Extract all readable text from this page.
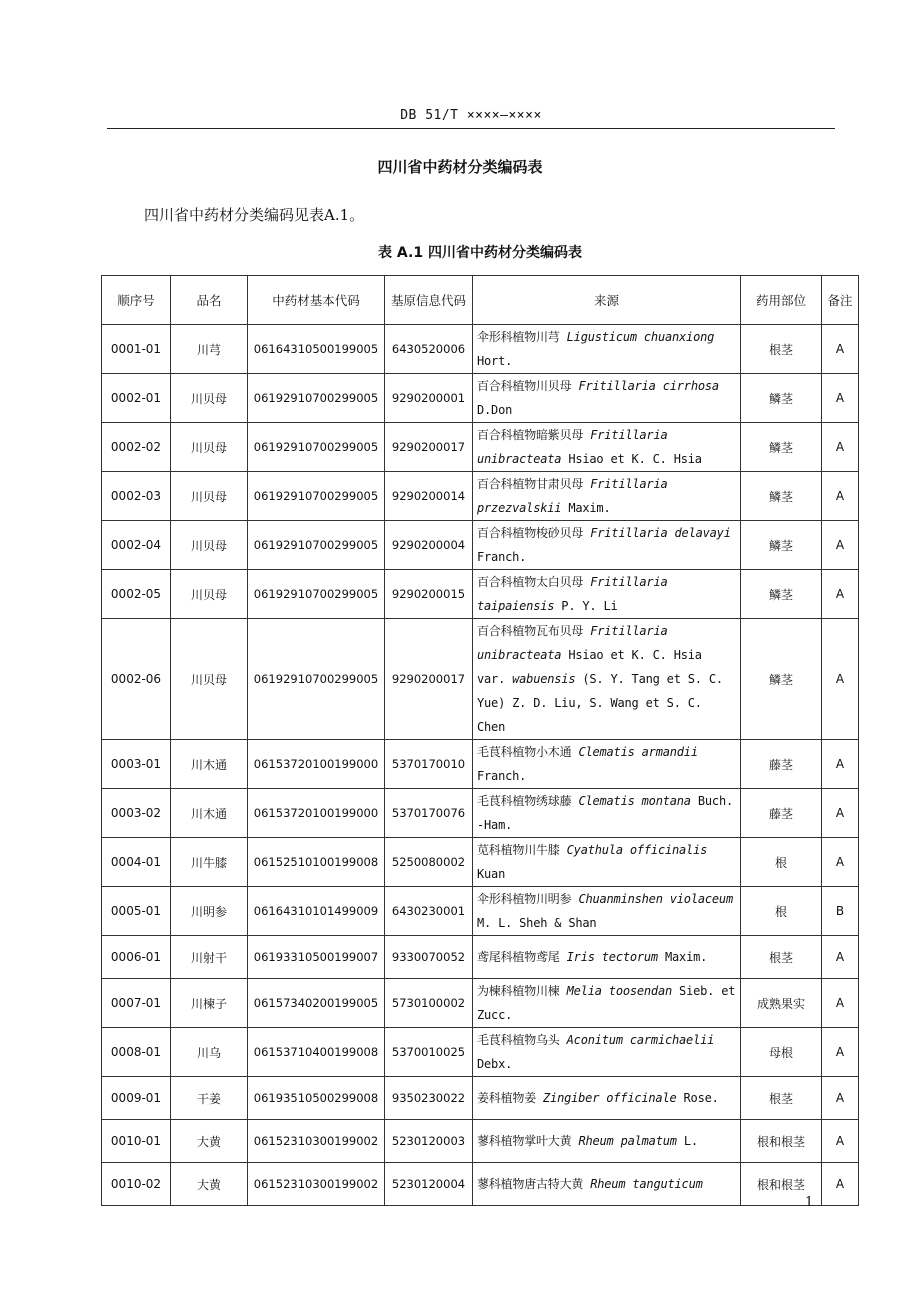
DB 51/T ××××—××××
四川省中药材分类编码表
四川省中药材分类编码见表A.1。
表 A.1 四川省中药材分类编码表
顺序号	品名	中药材基本代码	基原信息代码	来源	药用部位	备注
0001-01	川芎	06164310500199005	6430520006	伞形科植物川芎 Ligusticum chuanxiong Hort.	根茎	A
0002-01	川贝母	06192910700299005	9290200001	百合科植物川贝母 Fritillaria cirrhosa D.Don	鳞茎	A
0002-02	川贝母	06192910700299005	9290200017	百合科植物暗紫贝母 Fritillaria unibracteata Hsiao et K. C. Hsia	鳞茎	A
0002-03	川贝母	06192910700299005	9290200014	百合科植物甘肃贝母 Fritillaria przezvalskii Maxim.	鳞茎	A
0002-04	川贝母	06192910700299005	9290200004	百合科植物梭砂贝母 Fritillaria delavayi Franch.	鳞茎	A
0002-05	川贝母	06192910700299005	9290200015	百合科植物太白贝母 Fritillaria taipaiensis P. Y. Li	鳞茎	A
0002-06	川贝母	06192910700299005	9290200017	百合科植物瓦布贝母 Fritillaria unibracteata Hsiao et K. C. Hsia var. wabuensis (S. Y. Tang et S. C. Yue) Z. D. Liu, S. Wang et S. C. Chen	鳞茎	A
0003-01	川木通	06153720100199000	5370170010	毛茛科植物小木通 Clematis armandii Franch.	藤茎	A
0003-02	川木通	06153720100199000	5370170076	毛茛科植物绣球藤 Clematis montana Buch. -Ham.	藤茎	A
0004-01	川牛膝	06152510100199008	5250080002	苋科植物川牛膝 Cyathula officinalis Kuan	根	A
0005-01	川明参	06164310101499009	6430230001	伞形科植物川明参 Chuanminshen violaceum M. L. Sheh & Shan	根	B
0006-01	川射干	06193310500199007	9330070052	鸢尾科植物鸢尾 Iris tectorum Maxim.	根茎	A
0007-01	川楝子	06157340200199005	5730100002	为楝科植物川楝 Melia toosendan Sieb. et Zucc.	成熟果实	A
0008-01	川乌	06153710400199008	5370010025	毛茛科植物乌头 Aconitum carmichaelii Debx.	母根	A
0009-01	干姜	06193510500299008	9350230022	姜科植物姜 Zingiber officinale Rose.	根茎	A
0010-01	大黄	06152310300199002	5230120003	蓼科植物掌叶大黄 Rheum palmatum L.	根和根茎	A
0010-02	大黄	06152310300199002	5230120004	蓼科植物唐古特大黄 Rheum tanguticum	根和根茎	A
1
